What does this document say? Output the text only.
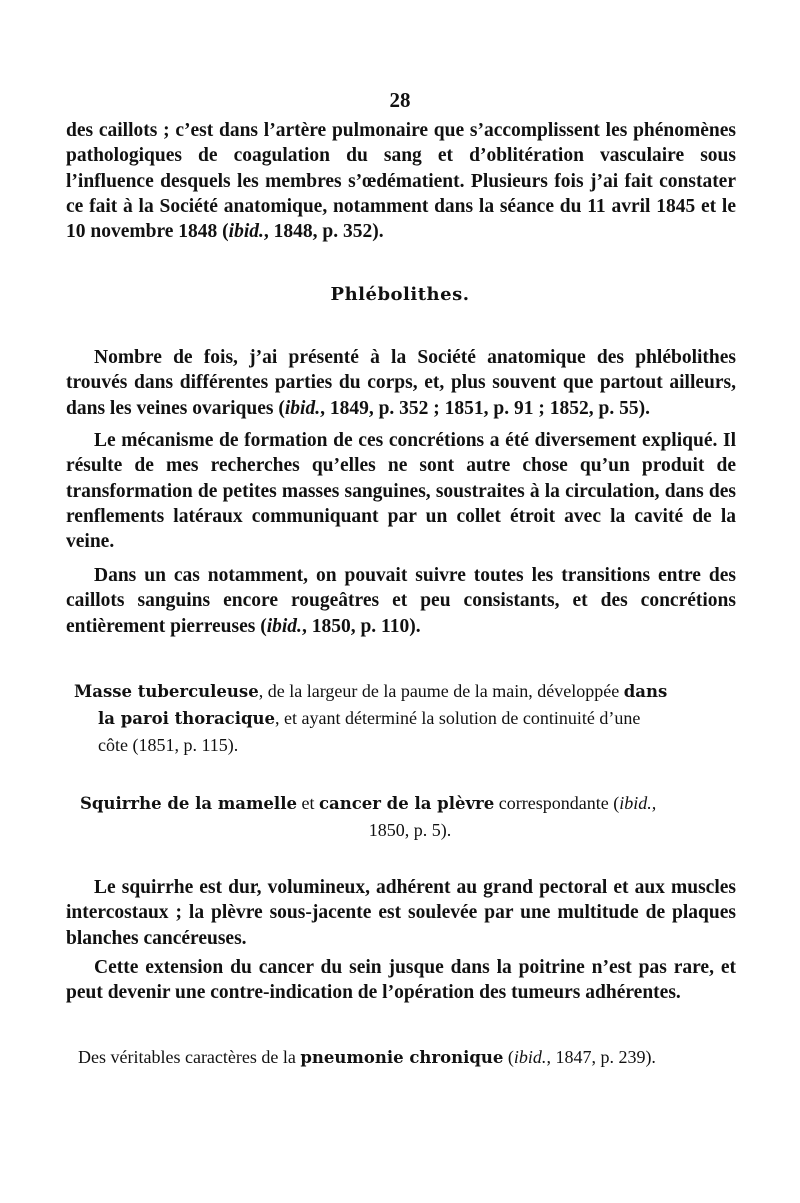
28
des caillots ; c’est dans l’artère pulmonaire que s’accomplissent les phénomènes pathologiques de coagulation du sang et d’oblitération vasculaire sous l’influence desquels les membres s’œdématient. Plusieurs fois j’ai fait constater ce fait à la Société anatomique, notamment dans la séance du 11 avril 1845 et le 10 novembre 1848 (ibid., 1848, p. 352).
Phlébolithes.
Nombre de fois, j’ai présenté à la Société anatomique des phlébolithes trouvés dans différentes parties du corps, et, plus souvent que partout ailleurs, dans les veines ovariques (ibid., 1849, p. 352 ; 1851, p. 91 ; 1852, p. 55).
Le mécanisme de formation de ces concrétions a été diversement expliqué. Il résulte de mes recherches qu’elles ne sont autre chose qu’un produit de transformation de petites masses sanguines, soustraites à la circulation, dans des renflements latéraux communiquant par un collet étroit avec la cavité de la veine.
Dans un cas notamment, on pouvait suivre toutes les transitions entre des caillots sanguins encore rougeâtres et peu consistants, et des concrétions entièrement pierreuses (ibid., 1850, p. 110).
Masse tuberculeuse, de la largeur de la paume de la main, développée dans
la paroi thoracique, et ayant déterminé la solution de continuité d’une
côte (1851, p. 115).
Squirrhe de la mamelle et cancer de la plèvre correspondante (ibid.,
1850, p. 5).
Le squirrhe est dur, volumineux, adhérent au grand pectoral et aux muscles intercostaux ; la plèvre sous-jacente est soulevée par une multitude de plaques blanches cancéreuses.
Cette extension du cancer du sein jusque dans la poitrine n’est pas rare, et peut devenir une contre-indication de l’opération des tumeurs adhérentes.
Des véritables caractères de la pneumonie chronique (ibid., 1847, p. 239).
